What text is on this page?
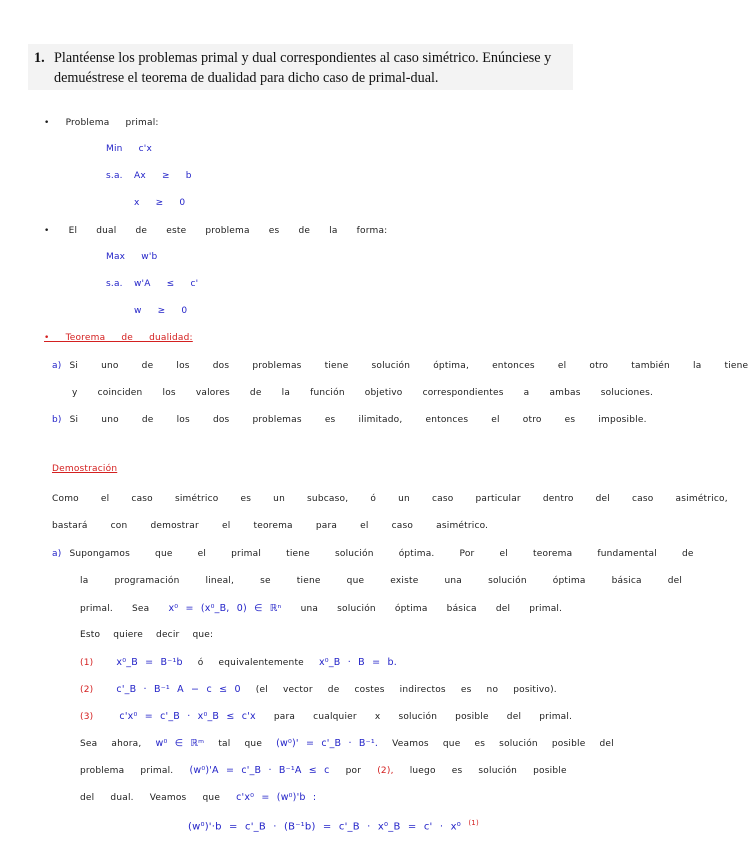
1. Plantéense los problemas primal y dual correspondientes al caso simétrico. Enúnciese y demuéstrese el teorema de dualidad para dicho caso de primal-dual.
• Problema primal:
Min c'x
s.a. Ax ≥ b
x ≥ 0
• El dual de este problema es de la forma:
Max w'b
s.a. w'A ≤ c'
w ≥ 0
• Teorema de dualidad:
a) Si uno de los dos problemas tiene solución óptima, entonces el otro también la tiene
y coinciden los valores de la función objetivo correspondientes a ambas soluciones.
b) Si uno de los dos problemas es ilimitado, entonces el otro es imposible.
Demostración
Como el caso simétrico es un subcaso, ó un caso particular dentro del caso asimétrico,
bastará con demostrar el teorema para el caso asimétrico.
a) Supongamos que el primal tiene solución óptima. Por el teorema fundamental de
la programación lineal, se tiene que existe una solución óptima básica del
primal. Sea x⁰ = (x⁰_B, 0) ∈ ℝⁿ una solución óptima básica del primal.
Esto quiere decir que:
(1) x⁰_B = B⁻¹b ó equivalentemente x⁰_B · B = b.
(2) c'_B · B⁻¹ A − c ≤ 0 (el vector de costes indirectos es no positivo).
(3)	c'x⁰ = c'_B · x⁰_B ≤ c'x para cualquier x solución posible del primal.
Sea ahora, w⁰ ∈ ℝᵐ tal que (w⁰)' = c'_B · B⁻¹. Veamos que es solución posible del
problema primal. (w⁰)'A = c'_B · B⁻¹A ≤ c por (2), luego es solución posible
del dual. Veamos que c'x⁰ = (w⁰)'b :
(w⁰)'·b = c'_B · (B⁻¹b) = c'_B · x⁰_B = c' · x⁰ $^{(1)}$
